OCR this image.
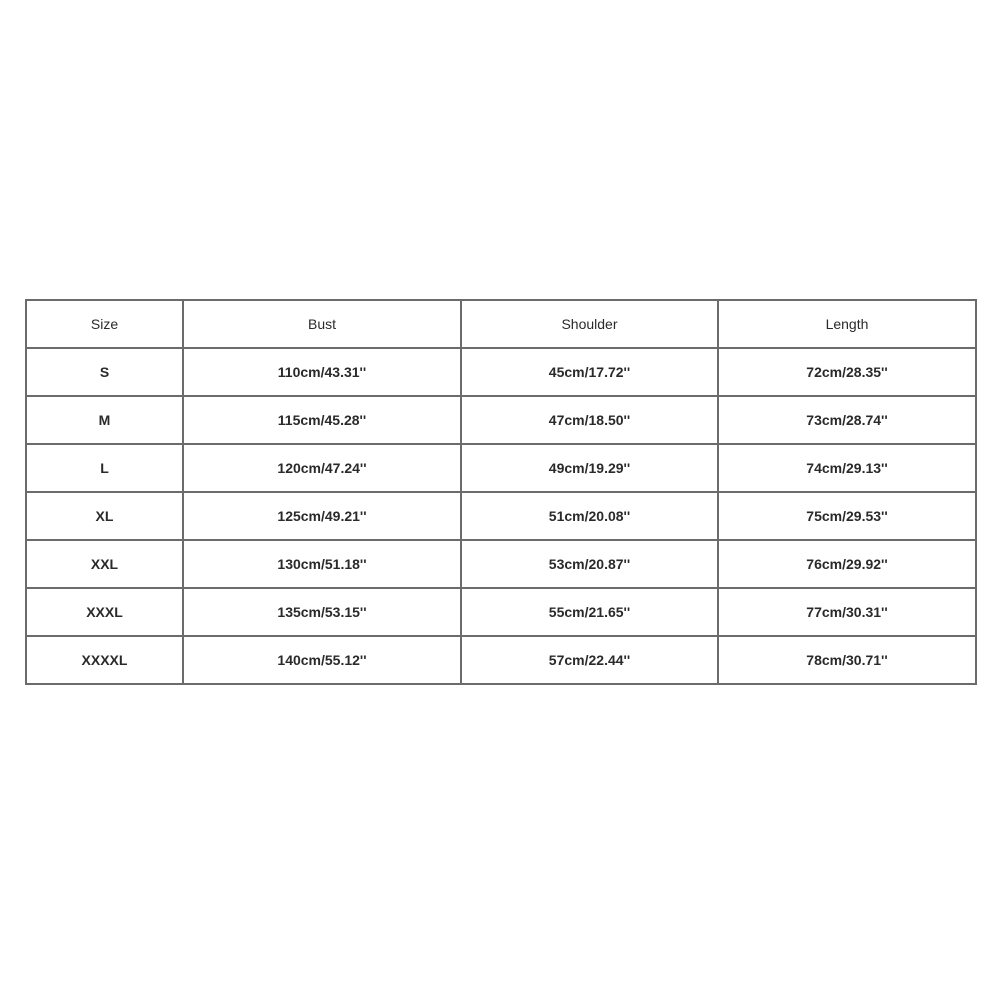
Size	Bust	Shoulder	Length
S	110cm/43.31''	45cm/17.72''	72cm/28.35''
M	115cm/45.28''	47cm/18.50''	73cm/28.74''
L	120cm/47.24''	49cm/19.29''	74cm/29.13''
XL	125cm/49.21''	51cm/20.08''	75cm/29.53''
XXL	130cm/51.18''	53cm/20.87''	76cm/29.92''
XXXL	135cm/53.15''	55cm/21.65''	77cm/30.31''
XXXXL	140cm/55.12''	57cm/22.44''	78cm/30.71''
